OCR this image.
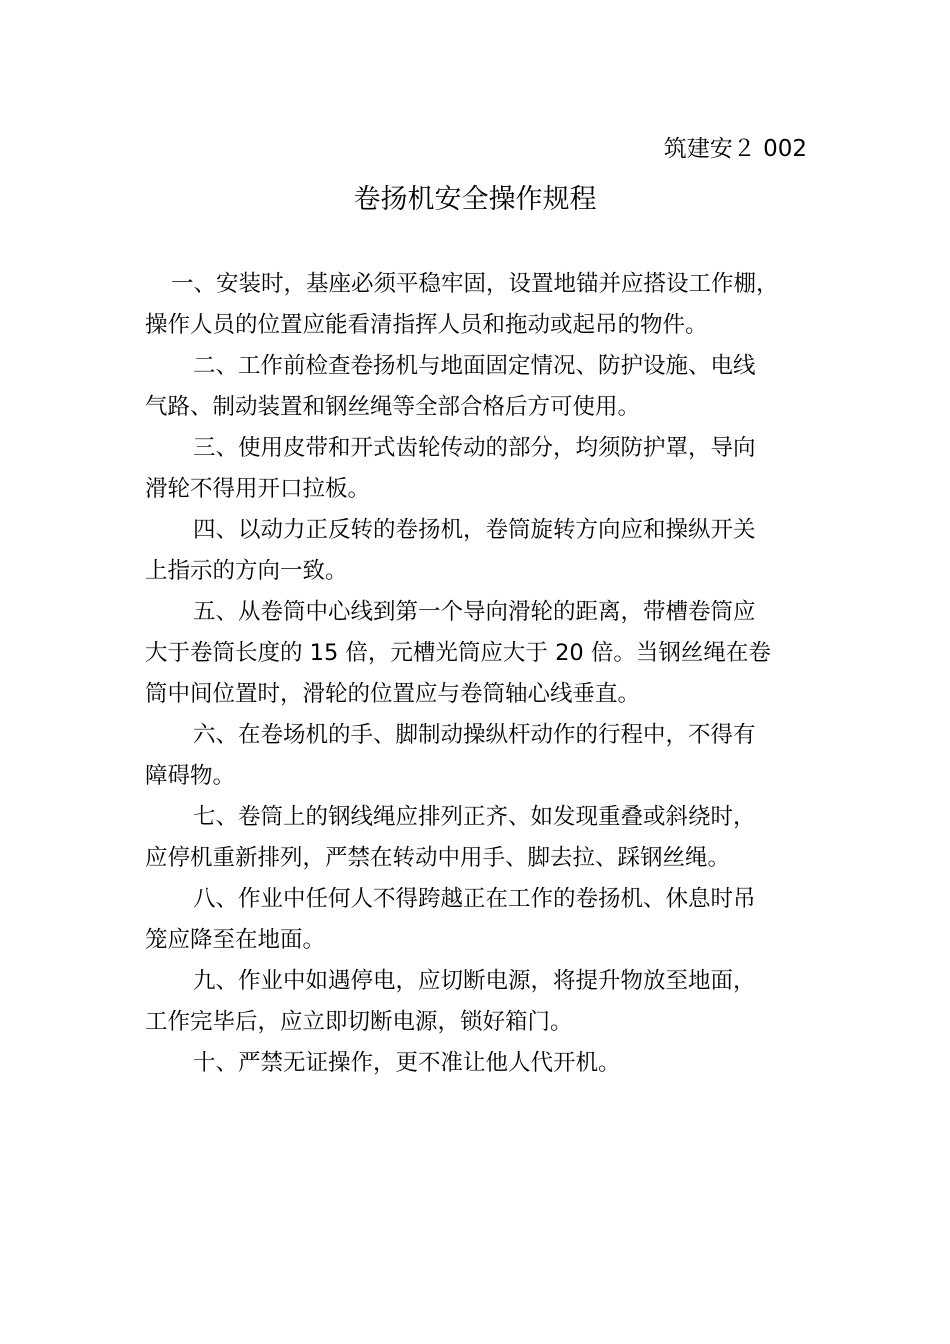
筑建安２ 002
卷扬机安全操作规程
一、安装时，基座必须平稳牢固，设置地锚并应搭设工作棚，
操作人员的位置应能看清指挥人员和拖动或起吊的物件。
二、工作前检查卷扬机与地面固定情况、防护设施、电线
气路、制动装置和钢丝绳等全部合格后方可使用。
三、使用皮带和开式齿轮传动的部分，均须防护罩，导向
滑轮不得用开口拉板。
四、以动力正反转的卷扬机，卷筒旋转方向应和操纵开关
上指示的方向一致。
五、从卷筒中心线到第一个导向滑轮的距离，带槽卷筒应
大于卷筒长度的 15 倍，元槽光筒应大于 20 倍。当钢丝绳在卷
筒中间位置时，滑轮的位置应与卷筒轴心线垂直。
六、在卷场机的手、脚制动操纵杆动作的行程中，不得有
障碍物。
七、卷筒上的钢线绳应排列正齐、如发现重叠或斜绕时，
应停机重新排列，严禁在转动中用手、脚去拉、踩钢丝绳。
八、作业中任何人不得跨越正在工作的卷扬机、休息时吊
笼应降至在地面。
九、作业中如遇停电，应切断电源，将提升物放至地面，
工作完毕后，应立即切断电源，锁好箱门。
十、严禁无证操作，更不准让他人代开机。
